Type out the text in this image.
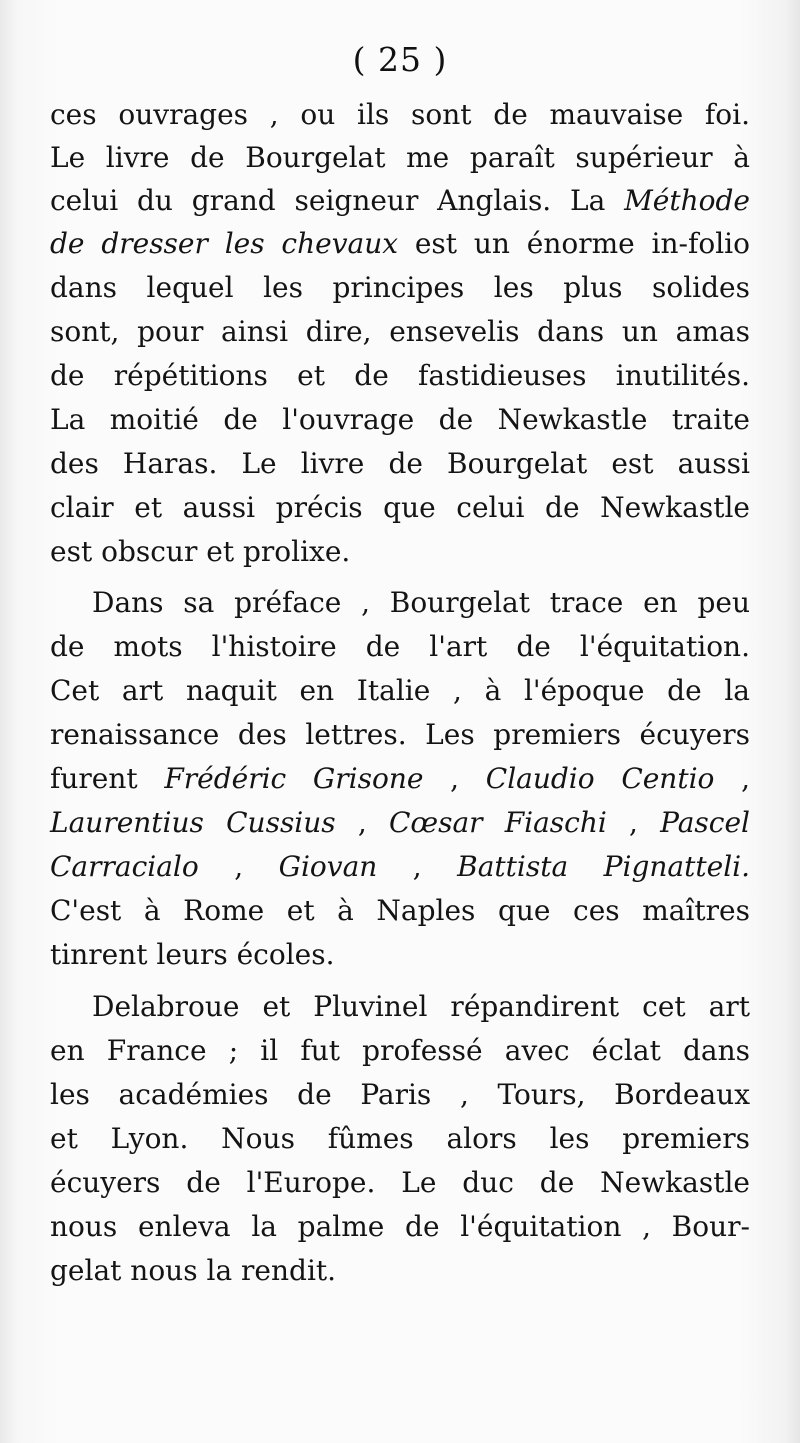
( 25 )

ces ouvrages , ou ils sont de mauvaise foi.

Le livre de Bourgelat me paraît supérieur à

celui du grand seigneur Anglais. La Méthode

de dresser les chevaux est un énorme in-folio

dans lequel les principes les plus solides

sont, pour ainsi dire, ensevelis dans un amas

de répétitions et de fastidieuses inutilités.

La moitié de l'ouvrage de Newkastle traite

des Haras. Le livre de Bourgelat est aussi

clair et aussi précis que celui de Newkastle

est obscur et prolixe.

Dans sa préface , Bourgelat trace en peu

de mots l'histoire de l'art de l'équitation.

Cet art naquit en Italie , à l'époque de la

renaissance des lettres. Les premiers écuyers

furent Frédéric Grisone , Claudio Centio ,

Laurentius Cussius , Cœsar Fiaschi , Pascel

Carracialo , Giovan , Battista Pignatteli.

C'est à Rome et à Naples que ces maîtres

tinrent leurs écoles.

Delabroue et Pluvinel répandirent cet art

en France ; il fut professé avec éclat dans

les académies de Paris , Tours, Bordeaux

et Lyon. Nous fûmes alors les premiers

écuyers de l'Europe. Le duc de Newkastle

nous enleva la palme de l'équitation , Bour-

gelat nous la rendit.
